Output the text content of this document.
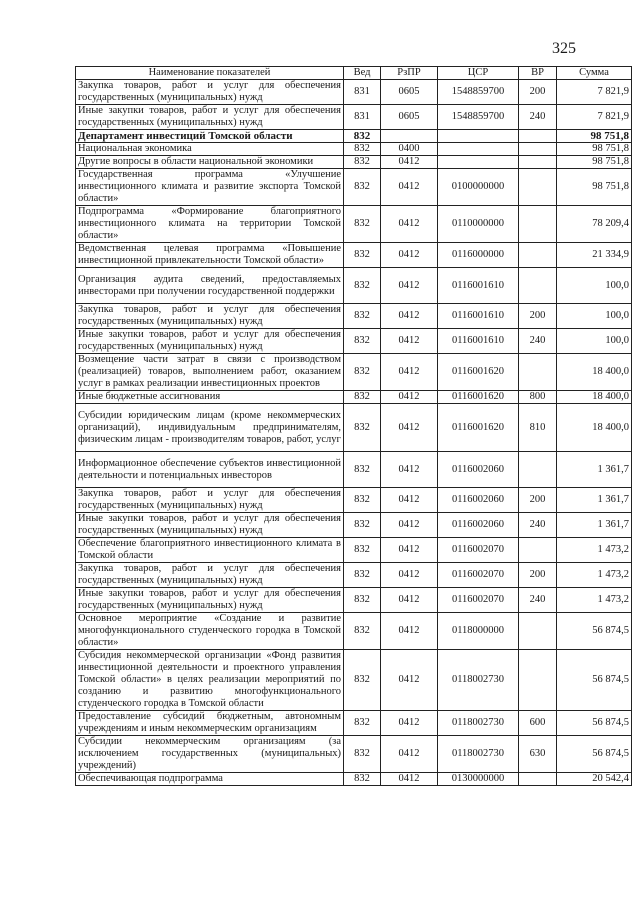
325
Наименование показателей	Вед	РзПР	ЦСР	ВР	Сумма
Закупка товаров, работ и услуг для обеспечения государственных (муниципальных) нужд	831	0605	1548859700	200	7 821,9
Иные закупки товаров, работ и услуг для обеспечения государственных (муниципальных) нужд	831	0605	1548859700	240	7 821,9
Департамент инвестиций Томской области	832				98 751,8
Национальная экономика	832	0400			98 751,8
Другие вопросы в области национальной экономики	832	0412			98 751,8
Государственная программа «Улучшение инвестиционного климата и развитие экспорта Томской области»	832	0412	0100000000		98 751,8
Подпрограмма «Формирование благоприятного инвестиционного климата на территории Томской области»	832	0412	0110000000		78 209,4
Ведомственная целевая программа «Повышение инвестиционной привлекательности Томской области»	832	0412	0116000000		21 334,9
Организация аудита сведений, предоставляемых инвесторами при получении государственной поддержки	832	0412	0116001610		100,0
Закупка товаров, работ и услуг для обеспечения государственных (муниципальных) нужд	832	0412	0116001610	200	100,0
Иные закупки товаров, работ и услуг для обеспечения государственных (муниципальных) нужд	832	0412	0116001610	240	100,0
Возмещение части затрат в связи с производством (реализацией) товаров, выполнением работ, оказанием услуг в рамках реализации инвестиционных проектов	832	0412	0116001620		18 400,0
Иные бюджетные ассигнования	832	0412	0116001620	800	18 400,0
Субсидии юридическим лицам (кроме некоммерческих организаций), индивидуальным предпринимателям, физическим лицам - производителям товаров, работ, услуг	832	0412	0116001620	810	18 400,0
Информационное обеспечение субъектов инвестиционной деятельности и потенциальных инвесторов	832	0412	0116002060		1 361,7
Закупка товаров, работ и услуг для обеспечения государственных (муниципальных) нужд	832	0412	0116002060	200	1 361,7
Иные закупки товаров, работ и услуг для обеспечения государственных (муниципальных) нужд	832	0412	0116002060	240	1 361,7
Обеспечение благоприятного инвестиционного климата в Томской области	832	0412	0116002070		1 473,2
Закупка товаров, работ и услуг для обеспечения государственных (муниципальных) нужд	832	0412	0116002070	200	1 473,2
Иные закупки товаров, работ и услуг для обеспечения государственных (муниципальных) нужд	832	0412	0116002070	240	1 473,2
Основное мероприятие «Создание и развитие многофункционального студенческого городка в Томской области»	832	0412	0118000000		56 874,5
Субсидия некоммерческой организации «Фонд развития инвестиционной деятельности и проектного управления Томской области» в целях реализации мероприятий по созданию и развитию многофункционального студенческого городка в Томской области	832	0412	0118002730		56 874,5
Предоставление субсидий бюджетным, автономным учреждениям и иным некоммерческим организациям	832	0412	0118002730	600	56 874,5
Субсидии некоммерческим организациям (за исключением государственных (муниципальных) учреждений)	832	0412	0118002730	630	56 874,5
Обеспечивающая подпрограмма	832	0412	0130000000		20 542,4
